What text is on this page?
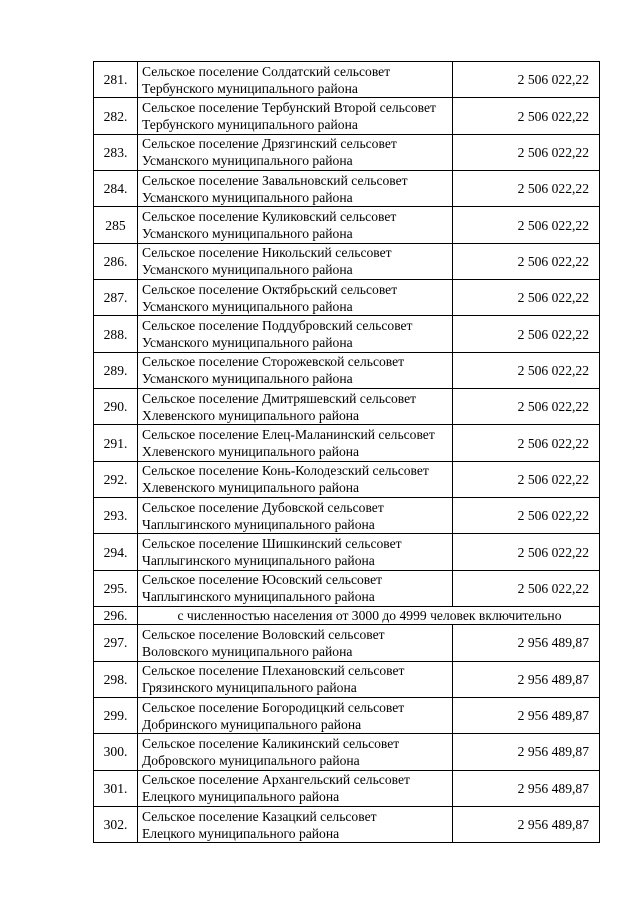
281.	Сельское поселение Солдатский сельсовет
Тербунского муниципального района	2 506 022,22
282.	Сельское поселение Тербунский Второй сельсовет
Тербунского муниципального района	2 506 022,22
283.	Сельское поселение Дрязгинский сельсовет
Усманского муниципального района	2 506 022,22
284.	Сельское поселение Завальновский сельсовет
Усманского муниципального района	2 506 022,22
285	Сельское поселение Куликовский сельсовет
Усманского муниципального района	2 506 022,22
286.	Сельское поселение Никольский сельсовет
Усманского муниципального района	2 506 022,22
287.	Сельское поселение Октябрьский сельсовет
Усманского муниципального района	2 506 022,22
288.	Сельское поселение Поддубровский сельсовет
Усманского муниципального района	2 506 022,22
289.	Сельское поселение Сторожевской сельсовет
Усманского муниципального района	2 506 022,22
290.	Сельское поселение Дмитряшевский сельсовет
Хлевенского муниципального района	2 506 022,22
291.	Сельское поселение Елец-Маланинский сельсовет
Хлевенского муниципального района	2 506 022,22
292.	Сельское поселение Конь-Колодезский сельсовет
Хлевенского муниципального района	2 506 022,22
293.	Сельское поселение Дубовской сельсовет
Чаплыгинского муниципального района	2 506 022,22
294.	Сельское поселение Шишкинский сельсовет
Чаплыгинского муниципального района	2 506 022,22
295.	Сельское поселение Юсовский сельсовет
Чаплыгинского муниципального района	2 506 022,22
296.	с численностью населения от 3000 до 4999 человек включительно	
297.	Сельское поселение Воловский сельсовет
Воловского муниципального района	2 956 489,87
298.	Сельское поселение Плехановский сельсовет
Грязинского муниципального района	2 956 489,87
299.	Сельское поселение Богородицкий сельсовет
Добринского муниципального района	2 956 489,87
300.	Сельское поселение Каликинский сельсовет
Добровского муниципального района	2 956 489,87
301.	Сельское поселение Архангельский сельсовет
Елецкого муниципального района	2 956 489,87
302.	Сельское поселение Казацкий сельсовет
Елецкого муниципального района	2 956 489,87
